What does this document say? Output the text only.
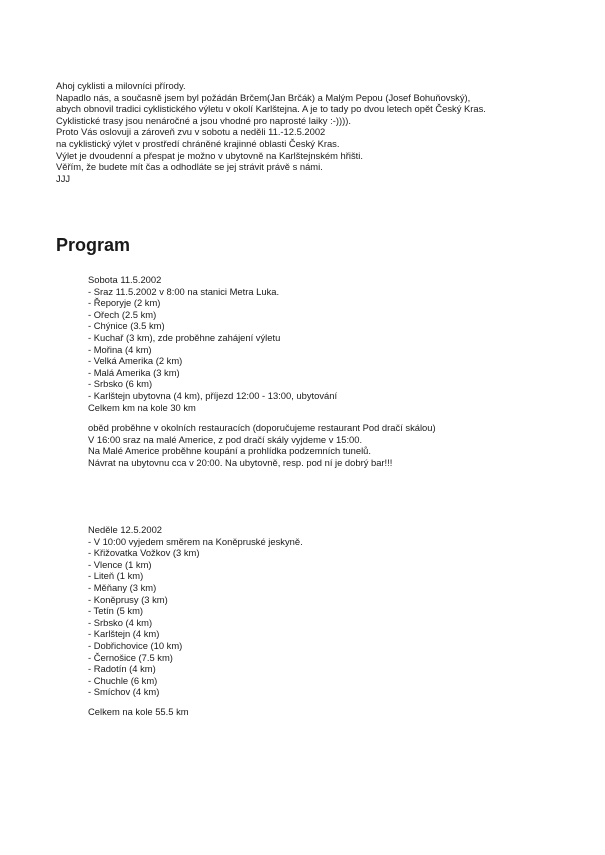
Ahoj cyklisti a milovníci přírody.
Napadlo nás, a současně jsem byl požádán Brčem(Jan Brčák) a Malým Pepou (Josef Bohuňovský),
abych obnovil tradici cyklistického výletu v okolí Karlštejna. A je to tady po dvou letech opět Český Kras.
Cyklistické trasy jsou nenáročné a jsou vhodné pro naprosté laiky :-)))).
Proto Vás oslovuji a zároveň zvu v sobotu a neděli 11.-12.5.2002
na cyklistický výlet v prostředí chráněné krajinné oblasti Český Kras.
Výlet je dvoudenní a přespat je možno v ubytovně na Karlštejnském hřišti.
Věřím, že budete mít čas a odhodláte se jej strávit právě s námi.
JJJ
Program
Sobota 11.5.2002
- Sraz 11.5.2002 v 8:00 na stanici Metra Luka.
- Řeporyje (2 km)
- Ořech (2.5 km)
- Chýnice (3.5 km)
- Kuchař (3 km), zde proběhne zahájení výletu
- Mořina (4 km)
- Velká Amerika (2 km)
- Malá Amerika (3 km)
- Srbsko (6 km)
- Karlštejn ubytovna (4 km), příjezd 12:00 - 13:00, ubytování
Celkem km na kole 30 km
oběd proběhne v okolních restauracích (doporučujeme restaurant Pod dračí skálou)
V 16:00 sraz na malé Americe, z pod dračí skály vyjdeme v 15:00.
Na Malé Americe proběhne koupání a prohlídka podzemních tunelů.
Návrat na ubytovnu cca v 20:00. Na ubytovně, resp. pod ní je dobrý bar!!!
Neděle 12.5.2002
- V 10:00 vyjedem směrem na Koněpruské jeskyně.
- Křižovatka Vožkov (3 km)
- Vlence (1 km)
- Liteň (1 km)
- Měňany (3 km)
- Koněprusy (3 km)
- Tetín (5 km)
- Srbsko (4 km)
- Karlštejn (4 km)
- Dobřichovice (10 km)
- Černošice (7.5 km)
- Radotín (4 km)
- Chuchle (6 km)
- Smíchov (4 km)
Celkem na kole 55.5 km
